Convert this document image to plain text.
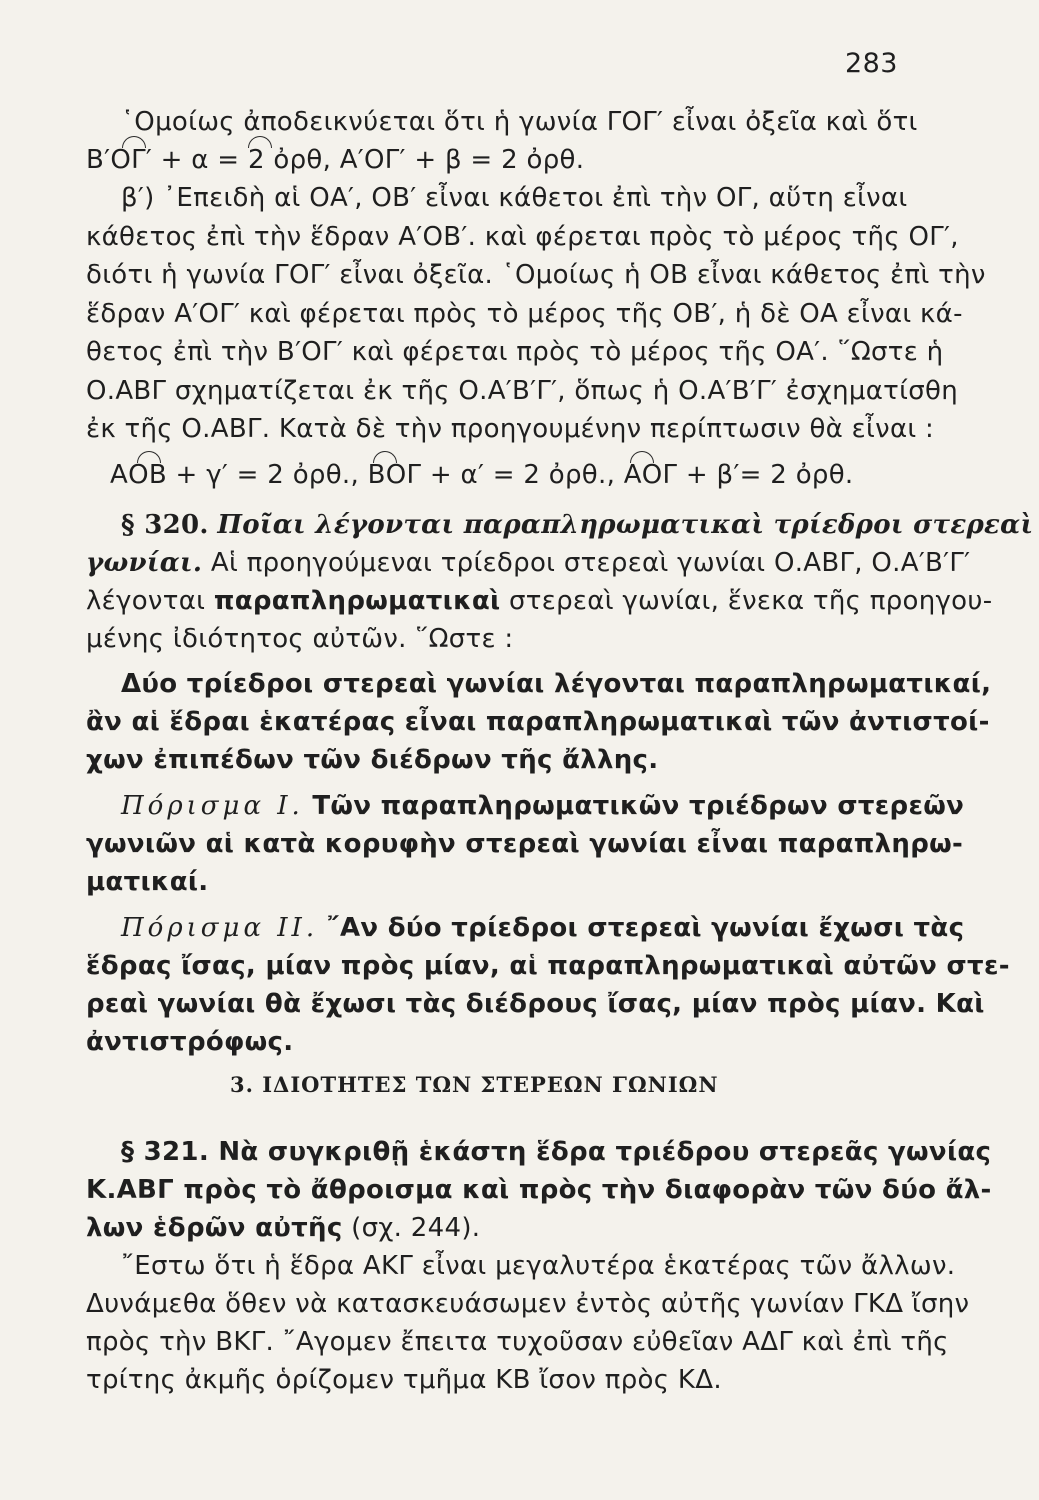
283
῾Ομοίως ἀποδεικνύεται ὅτι ἡ γωνία ΓΟΓ′ εἶναι ὀξεῖα καὶ ὅτι
Β′ΟΓ′ + α = 2 ὀρθ, Α′ΟΓ′ + β = 2 ὀρθ.
β′) ᾿Επειδὴ αἱ ΟΑ′, ΟΒ′ εἶναι κάθετοι ἐπὶ τὴν ΟΓ, αὕτη εἶναι
κάθετος ἐπὶ τὴν ἕδραν Α′ΟΒ′. καὶ φέρεται πρὸς τὸ μέρος τῆς ΟΓ′,
διότι ἡ γωνία ΓΟΓ′ εἶναι ὀξεῖα. ῾Ομοίως ἡ ΟΒ εἶναι κάθετος ἐπὶ τὴν
ἕδραν Α′ΟΓ′ καὶ φέρεται πρὸς τὸ μέρος τῆς ΟΒ′, ἡ δὲ ΟΑ εἶναι κά-
θετος ἐπὶ τὴν Β′ΟΓ′ καὶ φέρεται πρὸς τὸ μέρος τῆς ΟΑ′. ῞Ωστε ἡ
Ο.ΑΒΓ σχηματίζεται ἐκ τῆς Ο.Α′Β′Γ′, ὅπως ἡ Ο.Α′Β′Γ′ ἐσχηματίσθη
ἐκ τῆς Ο.ΑΒΓ. Κατὰ δὲ τὴν προηγουμένην περίπτωσιν θὰ εἶναι :
ΑΟΒ + γ′ = 2 ὀρθ., ΒΟΓ + α′ = 2 ὀρθ., ΑΟΓ + β′= 2 ὀρθ.
§ 320. Ποῖαι λέγονται παραπληρωματικαὶ τρίεδροι στερεαὶ
γωνίαι. Αἱ προηγούμεναι τρίεδροι στερεαὶ γωνίαι Ο.ΑΒΓ, Ο.Α′Β′Γ′
λέγονται παραπληρωματικαὶ στερεαὶ γωνίαι, ἕνεκα τῆς προηγου-
μένης ἰδιότητος αὐτῶν. ῞Ωστε :
Δύο τρίεδροι στερεαὶ γωνίαι λέγονται παραπληρωματικαί,
ἂν αἱ ἕδραι ἑκατέρας εἶναι παραπληρωματικαὶ τῶν ἀντιστοί-
χων ἐπιπέδων τῶν διέδρων τῆς ἄλλης.
Πόρισμα Ι. Τῶν παραπληρωματικῶν τριέδρων στερεῶν
γωνιῶν αἱ κατὰ κορυφὴν στερεαὶ γωνίαι εἶναι παραπληρω-
ματικαί.
Πόρισμα ΙΙ. ῎Αν δύο τρίεδροι στερεαὶ γωνίαι ἔχωσι τὰς
ἕδρας ἴσας, μίαν πρὸς μίαν, αἱ παραπληρωματικαὶ αὐτῶν στε-
ρεαὶ γωνίαι θὰ ἔχωσι τὰς διέδρους ἴσας, μίαν πρὸς μίαν. Καὶ
ἀντιστρόφως.
3. ΙΔΙΟΤΗΤΕΣ ΤΩΝ ΣΤΕΡΕΩΝ ΓΩΝΙΩΝ
§ 321. Νὰ συγκριθῇ ἑκάστη ἕδρα τριέδρου στερεᾶς γωνίας
Κ.ΑΒΓ πρὸς τὸ ἄθροισμα καὶ πρὸς τὴν διαφορὰν τῶν δύο ἄλ-
λων ἑδρῶν αὐτῆς (σχ. 244).
῎Εστω ὅτι ἡ ἕδρα ΑΚΓ εἶναι μεγαλυτέρα ἑκατέρας τῶν ἄλλων.
Δυνάμεθα ὅθεν νὰ κατασκευάσωμεν ἐντὸς αὐτῆς γωνίαν ΓΚΔ ἴσην
πρὸς τὴν ΒΚΓ. ῎Αγομεν ἔπειτα τυχοῦσαν εὐθεῖαν ΑΔΓ καὶ ἐπὶ τῆς
τρίτης ἀκμῆς ὁρίζομεν τμῆμα ΚΒ ἴσον πρὸς ΚΔ.
